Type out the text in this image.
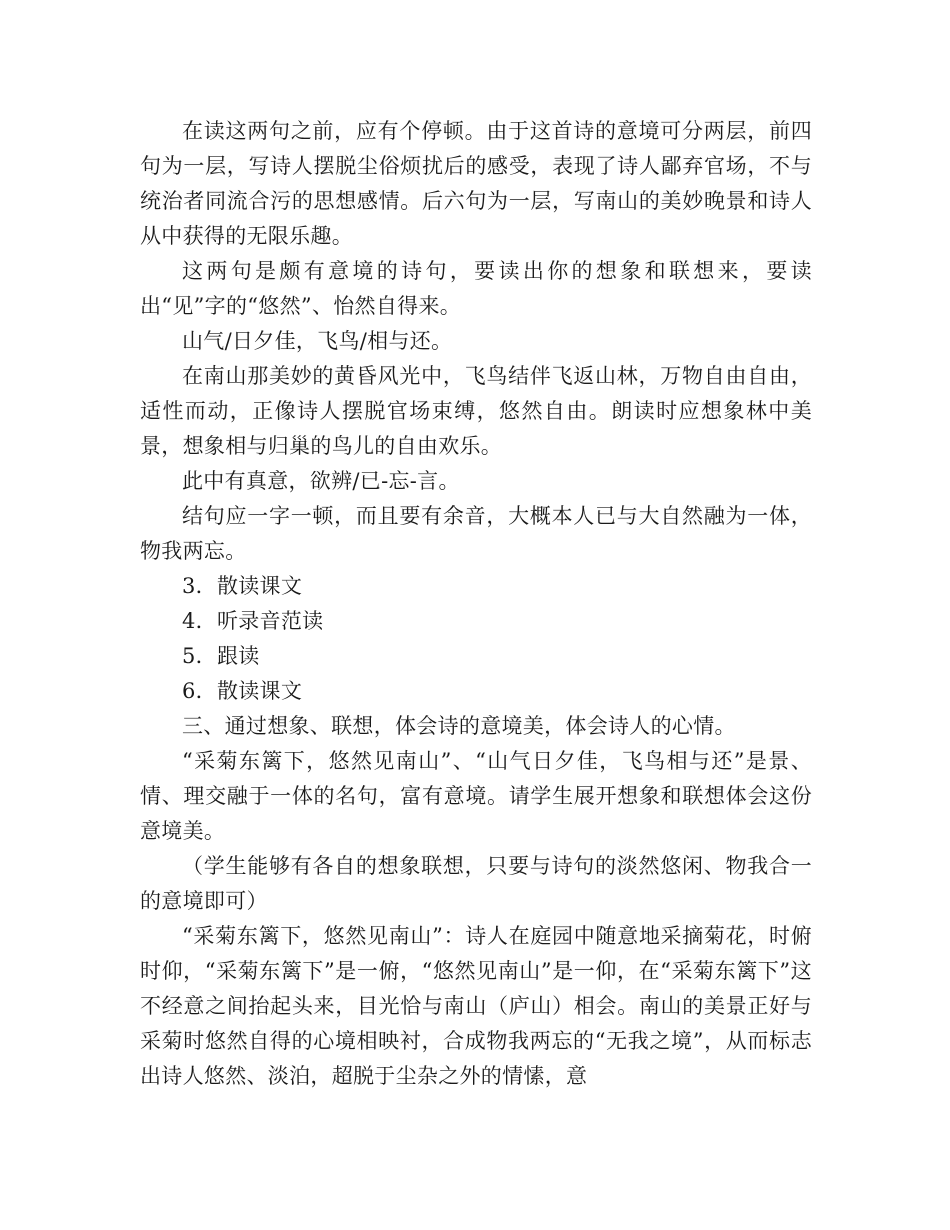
在读这两句之前，应有个停顿。由于这首诗的意境可分两层，前四句为一层，写诗人摆脱尘俗烦扰后的感受，表现了诗人鄙弃官场，不与统治者同流合污的思想感情。后六句为一层，写南山的美妙晚景和诗人从中获得的无限乐趣。

这两句是颇有意境的诗句，要读出你的想象和联想来，要读出“见”字的“悠然”、怡然自得来。

山气/日夕佳，飞鸟/相与还。

在南山那美妙的黄昏风光中，飞鸟结伴飞返山林，万物自由自由，适性而动，正像诗人摆脱官场束缚，悠然自由。朗读时应想象林中美景，想象相与归巢的鸟儿的自由欢乐。

此中有真意，欲辨/已-忘-言。

结句应一字一顿，而且要有余音，大概本人已与大自然融为一体，物我两忘。

3．散读课文

4．听录音范读

5．跟读

6．散读课文

三、通过想象、联想，体会诗的意境美，体会诗人的心情。

“采菊东篱下，悠然见南山”、“山气日夕佳，飞鸟相与还”是景、情、理交融于一体的名句，富有意境。请学生展开想象和联想体会这份意境美。

（学生能够有各自的想象联想，只要与诗句的淡然悠闲、物我合一的意境即可）

“采菊东篱下，悠然见南山”：诗人在庭园中随意地采摘菊花，时俯时仰，“采菊东篱下”是一俯，“悠然见南山”是一仰，在“采菊东篱下”这不经意之间抬起头来，目光恰与南山（庐山）相会。南山的美景正好与采菊时悠然自得的心境相映衬，合成物我两忘的“无我之境”，从而标志出诗人悠然、淡泊，超脱于尘杂之外的情愫，意
